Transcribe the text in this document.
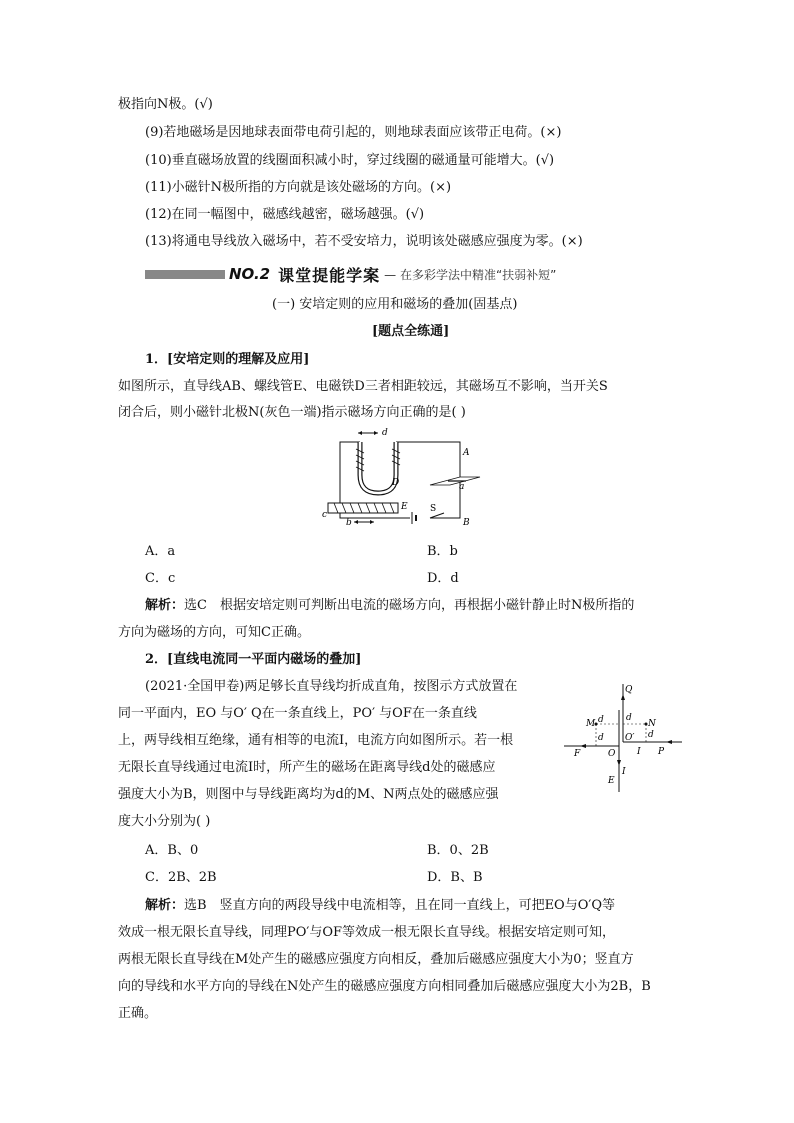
极指向N极。(√)
(9)若地磁场是因地球表面带电荷引起的，则地球表面应该带正电荷。(×)
(10)垂直磁场放置的线圈面积减小时，穿过线圈的磁通量可能增大。(√)
(11)小磁针N极所指的方向就是该处磁场的方向。(×)
(12)在同一幅图中，磁感线越密，磁场越强。(√)
(13)将通电导线放入磁场中，若不受安培力，说明该处磁感应强度为零。(×)
NO.2 课堂提能学案 — 在多彩学法中精准“扶弱补短”
(一) 安培定则的应用和磁场的叠加(固基点)
[题点全练通]
1．[安培定则的理解及应用]
如图所示，直导线AB、螺线管E、电磁铁D三者相距较远，其磁场互不影响，当开关S
闭合后，则小磁针北极N(灰色一端)指示磁场方向正确的是( )
d
D
A
B
a
E
c
b
S
A．a	B．b
C．c	D．d
解析：选C　根据安培定则可判断出电流的磁场方向，再根据小磁针静止时N极所指的
方向为磁场的方向，可知C正确。
2．[直线电流同一平面内磁场的叠加]
(2021·全国甲卷)两足够长直导线均折成直角，按图示方式放置在
同一平面内，EO 与O′ Q在一条直线上，PO′ 与OF在一条直线
上，两导线相互绝缘，通有相等的电流I，电流方向如图所示。若一根
无限长直导线通过电流I时，所产生的磁场在距离导线d处的磁感应
强度大小为B，则图中与导线距离均为d的M、N两点处的磁感应强
度大小分别为( )
Q
M d
d
d
N
O′ d
F	O I P
I
E
A．B、0	B．0、2B
C．2B、2B	D．B、B
解析：选B　竖直方向的两段导线中电流相等，且在同一直线上，可把EO与O′Q等
效成一根无限长直导线，同理PO′与OF等效成一根无限长直导线。根据安培定则可知，
两根无限长直导线在M处产生的磁感应强度方向相反，叠加后磁感应强度大小为0；竖直方
向的导线和水平方向的导线在N处产生的磁感应强度方向相同叠加后磁感应强度大小为2B，B
正确。
